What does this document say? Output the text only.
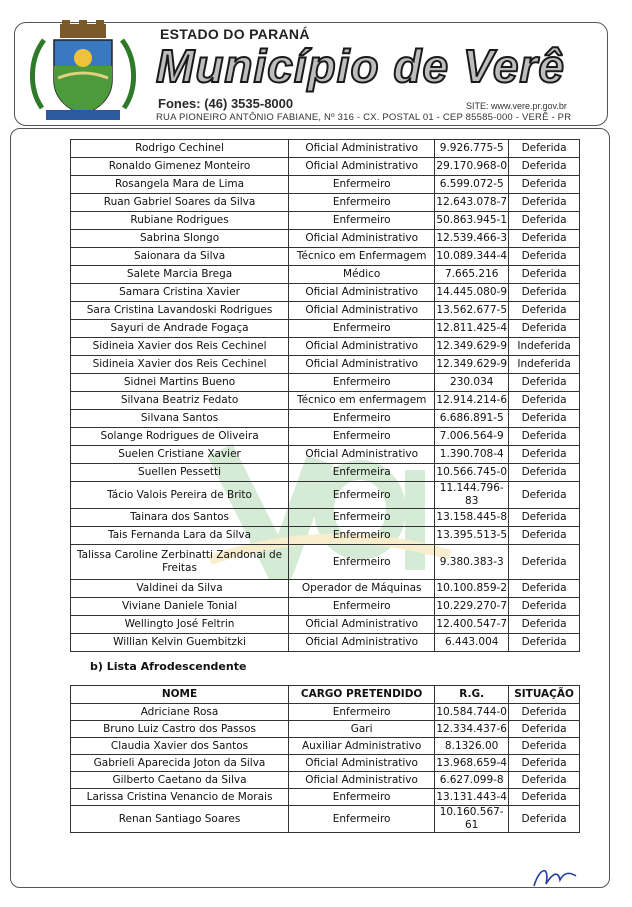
ESTADO DO PARANÁ
Município de Verê
Fones: (46) 3535-8000	SITE: www.vere.pr.gov.br
RUA PIONEIRO ANTÔNIO FABIANE, Nº 316 - CX. POSTAL 01 - CEP 85585-000 - VERÊ - PR
Rodrigo Cechinel	Oficial Administrativo	9.926.775-5	Deferida
Ronaldo Gimenez Monteiro	Oficial Administrativo	29.170.968-0	Deferida
Rosangela Mara de Lima	Enfermeiro	6.599.072-5	Deferida
Ruan Gabriel Soares da Silva	Enfermeiro	12.643.078-7	Deferida
Rubiane Rodrigues	Enfermeiro	50.863.945-1	Deferida
Sabrina Slongo	Oficial Administrativo	12.539.466-3	Deferida
Saionara da Silva	Técnico em Enfermagem	10.089.344-4	Deferida
Salete Marcia Brega	Médico	7.665.216	Deferida
Samara Cristina Xavier	Oficial Administrativo	14.445.080-9	Deferida
Sara Cristina Lavandoski Rodrigues	Oficial Administrativo	13.562.677-5	Deferida
Sayuri de Andrade Fogaça	Enfermeiro	12.811.425-4	Deferida
Sidineia Xavier dos Reis Cechinel	Oficial Administrativo	12.349.629-9	Indeferida
Sidineia Xavier dos Reis Cechinel	Oficial Administrativo	12.349.629-9	Indeferida
Sidnei Martins Bueno	Enfermeiro	230.034	Deferida
Silvana Beatriz Fedato	Técnico em enfermagem	12.914.214-6	Deferida
Silvana Santos	Enfermeiro	6.686.891-5	Deferida
Solange Rodrigues de Oliveira	Enfermeiro	7.006.564-9	Deferida
Suelen Cristiane Xavier	Oficial Administrativo	1.390.708-4	Deferida
Suellen Pessetti	Enfermeira	10.566.745-0	Deferida
Tácio Valois Pereira de Brito	Enfermeiro	11.144.796-83	Deferida
Tainara dos Santos	Enfermeiro	13.158.445-8	Deferida
Tais Fernanda Lara da Silva	Enfermeiro	13.395.513-5	Deferida
Talissa Caroline Zerbinatti Zandonai de Freitas	Enfermeiro	9.380.383-3	Deferida
Valdinei da Silva	Operador de Máquinas	10.100.859-2	Deferida
Viviane Daniele Tonial	Enfermeiro	10.229.270-7	Deferida
Wellingto José Feltrin	Oficial Administrativo	12.400.547-7	Deferida
Willian Kelvin Guembitzki	Oficial Administrativo	6.443.004	Deferida
b) Lista Afrodescendente
NOME	CARGO PRETENDIDO	R.G.	SITUAÇÃO
Adriciane Rosa	Enfermeiro	10.584.744-0	Deferida
Bruno Luiz Castro dos Passos	Gari	12.334.437-6	Deferida
Claudia Xavier dos Santos	Auxiliar Administrativo	8.1326.00	Deferida
Gabrieli Aparecida Joton da Silva	Oficial Administrativo	13.968.659-4	Deferida
Gilberto Caetano da Silva	Oficial Administrativo	6.627.099-8	Deferida
Larissa Cristina Venancio de Morais	Enfermeiro	13.131.443-4	Deferida
Renan Santiago Soares	Enfermeiro	10.160.567-61	Deferida
